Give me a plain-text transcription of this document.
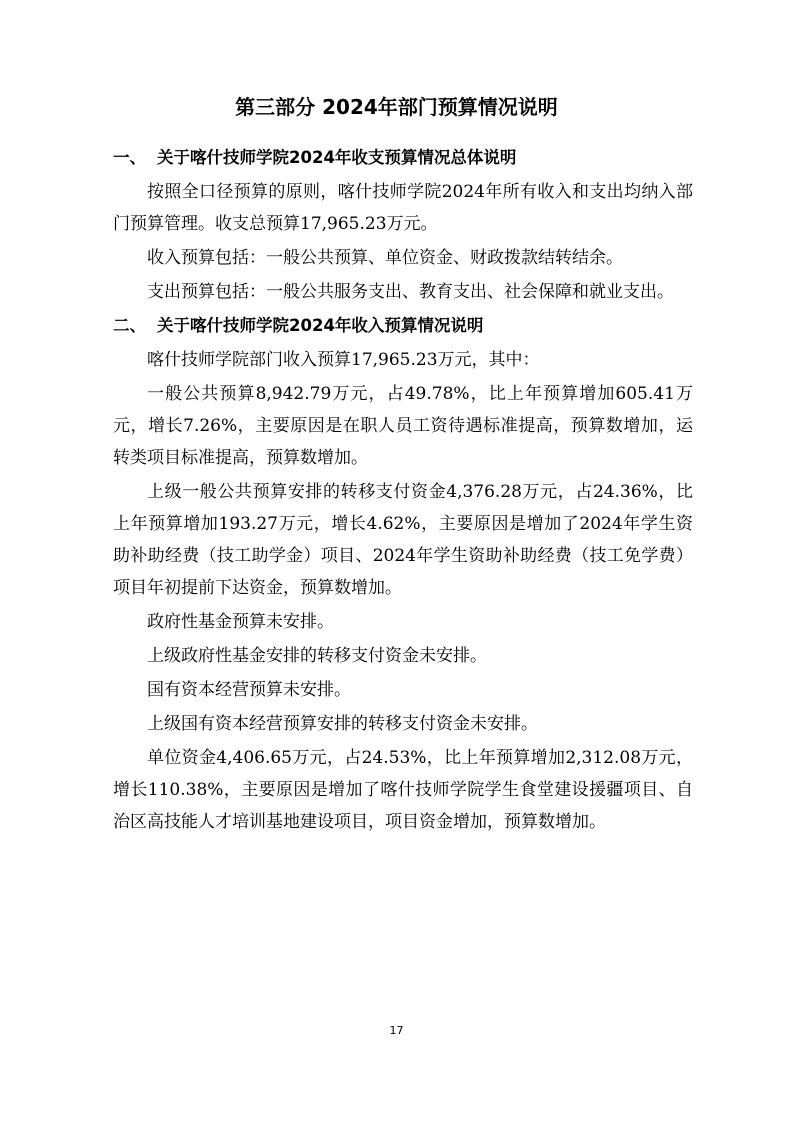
第三部分 2024年部门预算情况说明
一、 关于喀什技师学院2024年收支预算情况总体说明

按照全口径预算的原则，喀什技师学院2024年所有收入和支出均纳入部门预算管理。收支总预算17,965.23万元。

收入预算包括：一般公共预算、单位资金、财政拨款结转结余。

支出预算包括：一般公共服务支出、教育支出、社会保障和就业支出。

二、 关于喀什技师学院2024年收入预算情况说明

喀什技师学院部门收入预算17,965.23万元，其中：

一般公共预算8,942.79万元，占49.78%，比上年预算增加605.41万元，增长7.26%，主要原因是在职人员工资待遇标准提高，预算数增加，运转类项目标准提高，预算数增加。

上级一般公共预算安排的转移支付资金4,376.28万元，占24.36%，比上年预算增加193.27万元，增长4.62%，主要原因是增加了2024年学生资助补助经费（技工助学金）项目、2024年学生资助补助经费（技工免学费）项目年初提前下达资金，预算数增加。

政府性基金预算未安排。

上级政府性基金安排的转移支付资金未安排。

国有资本经营预算未安排。

上级国有资本经营预算安排的转移支付资金未安排。

单位资金4,406.65万元，占24.53%，比上年预算增加2,312.08万元，增长110.38%，主要原因是增加了喀什技师学院学生食堂建设援疆项目、自治区高技能人才培训基地建设项目，项目资金增加，预算数增加。

17
